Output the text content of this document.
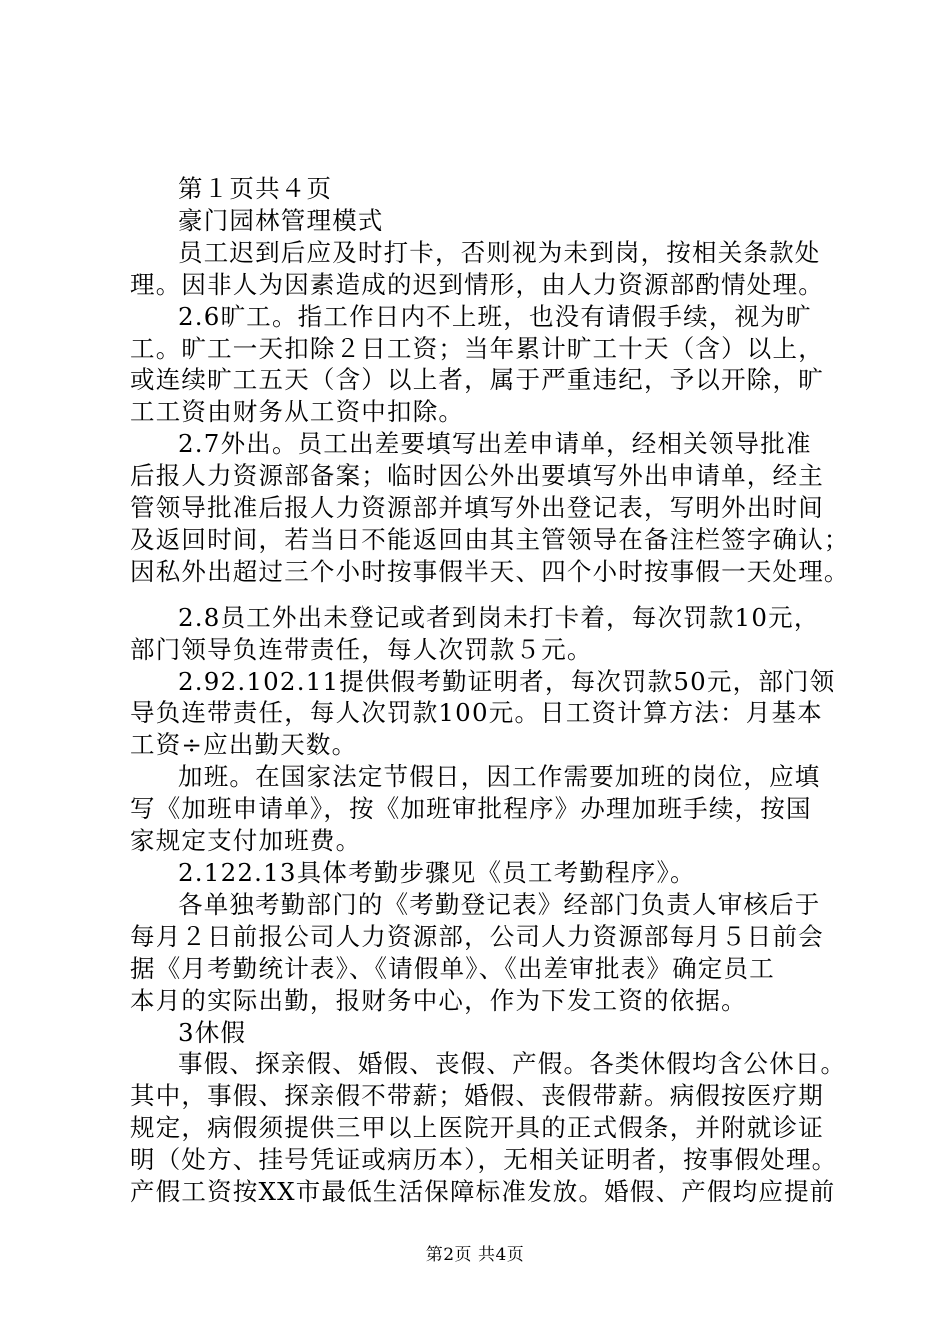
第１页共４页

豪门园林管理模式

员工迟到后应及时打卡，否则视为未到岗，按相关条款处

理。因非人为因素造成的迟到情形，由人力资源部酌情处理。

2.6旷工。指工作日内不上班，也没有请假手续，视为旷

工。旷工一天扣除２日工资；当年累计旷工十天（含）以上，

或连续旷工五天（含）以上者，属于严重违纪，予以开除，旷

工工资由财务从工资中扣除。

2.7外出。员工出差要填写出差申请单，经相关领导批准

后报人力资源部备案；临时因公外出要填写外出申请单，经主

管领导批准后报人力资源部并填写外出登记表，写明外出时间

及返回时间，若当日不能返回由其主管领导在备注栏签字确认；

因私外出超过三个小时按事假半天、四个小时按事假一天处理。

2.8员工外出未登记或者到岗未打卡着，每次罚款10元，

部门领导负连带责任，每人次罚款５元。

2.92.102.11提供假考勤证明者，每次罚款50元，部门领

导负连带责任，每人次罚款100元。日工资计算方法：月基本

工资÷应出勤天数。

加班。在国家法定节假日，因工作需要加班的岗位，应填

写《加班申请单》，按《加班审批程序》办理加班手续，按国

家规定支付加班费。

2.122.13具体考勤步骤见《员工考勤程序》。

各单独考勤部门的《考勤登记表》经部门负责人审核后于

每月２日前报公司人力资源部，公司人力资源部每月５日前会

据《月考勤统计表》、《请假单》、《出差审批表》确定员工

本月的实际出勤，报财务中心，作为下发工资的依据。

3休假

事假、探亲假、婚假、丧假、产假。各类休假均含公休日。

其中，事假、探亲假不带薪；婚假、丧假带薪。病假按医疗期

规定，病假须提供三甲以上医院开具的正式假条，并附就诊证

明（处方、挂号凭证或病历本），无相关证明者，按事假处理。

产假工资按XX市最低生活保障标准发放。婚假、产假均应提前

第2页 共4页
